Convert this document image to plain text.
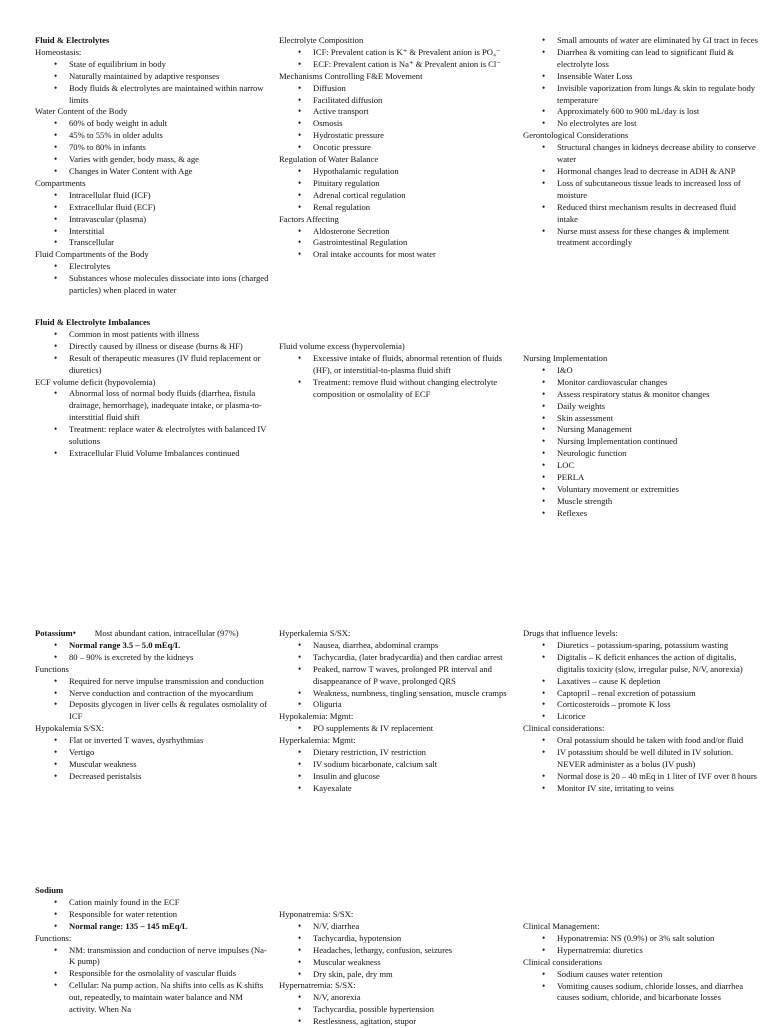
Fluid & Electrolytes
Homeostasis:
• State of equilibrium in body
• Naturally maintained by adaptive responses
• Body fluids & electrolytes are maintained within narrow limits
Water Content of the Body
• 60% of body weight in adult
• 45% to 55% in older adults
• 70% to 80% in infants
• Varies with gender, body mass, & age
• Changes in Water Content with Age
Compartments
• Intracellular fluid (ICF)
• Extracellular fluid (ECF)
• Intravascular (plasma)
• Interstitial
• Transcellular
Fluid Compartments of the Body
• Electrolytes
• Substances whose molecules dissociate into ions (charged particles) when placed in water
Electrolyte Composition
• ICF: Prevalent cation is K⁺ & Prevalent anion is PO₄⁻
• ECF: Prevalent cation is Na⁺ & Prevalent anion is Cl⁻
Mechanisms Controlling F&E Movement
• Diffusion
• Facilitated diffusion
• Active transport
• Osmosis
• Hydrostatic pressure
• Oncotic pressure
Regulation of Water Balance
• Hypothalamic regulation
• Pituitary regulation
• Adrenal cortical regulation
• Renal regulation
Factors Affecting
• Aldosterone Secretion
• Gastrointestinal Regulation
• Oral intake accounts for most water
• Small amounts of water are eliminated by GI tract in feces
• Diarrhea & vomiting can lead to significant fluid & electrolyte loss
• Insensible Water Loss
• Invisible vaporization from lungs & skin to regulate body temperature
• Approximately 600 to 900 mL/day is lost
• No electrolytes are lost
Gerontological Considerations
• Structural changes in kidneys decrease ability to conserve water
• Hormonal changes lead to decrease in ADH & ANP
• Loss of subcutaneous tissue leads to increased loss of moisture
• Reduced thirst mechanism results in decreased fluid intake
• Nurse must assess for these changes & implement treatment accordingly
Fluid & Electrolyte Imbalances
• Common in most patients with illness
• Directly caused by illness or disease (burns & HF)
• Result of therapeutic measures (IV fluid replacement or diuretics)
ECF volume deficit (hypovolemia)
• Abnormal loss of normal body fluids (diarrhea, fistula drainage, hemorrhage), inadequate intake, or plasma-to-interstitial fluid shift
• Treatment: replace water & electrolytes with balanced IV solutions
• Extracellular Fluid Volume Imbalances continued
Fluid volume excess (hypervolemia)
• Excessive intake of fluids, abnormal retention of fluids (HF), or interstitial-to-plasma fluid shift
• Treatment: remove fluid without changing electrolyte composition or osmolality of ECF
Nursing Implementation
• I&O
• Monitor cardiovascular changes
• Assess respiratory status & monitor changes
• Daily weights
• Skin assessment
• Nursing Management
• Nursing Implementation continued
• Neurologic function
• LOC
• PERLA
• Voluntary movement or extremities
• Muscle strength
• Reflexes
Potassium•	Most abundant cation, intracellular (97%)
• Normal range 3.5 – 5.0 mEq/L
• 80 – 90% is excreted by the kidneys
Functions
• Required for nerve impulse transmission and conduction
• Nerve conduction and contraction of the myocardium
• Deposits glycogen in liver cells & regulates osmolality of ICF
Hypokalemia S/SX:
• Flat or inverted T waves, dysrhythmias
• Vertigo
• Muscular weakness
• Decreased peristalsis
Hyperkalemia S/SX:
• Nausea, diarrhea, abdominal cramps
• Tachycardia, (later bradycardia) and then cardiac arrest
• Peaked, narrow T waves, prolonged PR interval and disappearance of P wave, prolonged QRS
• Weakness, numbness, tingling sensation, muscle cramps
• Oliguria
Hypokalemia: Mgmt:
• PO supplements & IV replacement
Hyperkalemia: Mgmt:
• Dietary restriction, IV restriction
• IV sodium bicarbonate, calcium salt
• Insulin and glucose
• Kayexalate
Drugs that influence levels:
• Diuretics – potassium-sparing, potassium wasting
• Digitalis – K deficit enhances the action of digitalis, digitalis toxicity (slow, irregular pulse, N/V, anorexia)
• Laxatives – cause K depletion
• Captopril – renal excretion of potassium
• Corticosteroids – promote K loss
• Licorice
Clinical considerations:
• Oral potassium should be taken with food and/or fluid
• IV potassium should be well diluted in IV solution. NEVER administer as a bolus (IV push)
• Normal dose is 20 – 40 mEq in 1 liter of IVF over 8 hours
• Monitor IV site, irritating to veins
Sodium
• Cation mainly found in the ECF
• Responsible for water retention
• Normal range: 135 – 145 mEq/L
Functions:
• NM: transmission and conduction of nerve impulses (Na-K pump)
• Responsible for the osmolality of vascular fluids
• Cellular: Na pump action. Na shifts into cells as K shifts out, repeatedly, to maintain water balance and NM activity. When Na
Hyponatremia: S/SX:
• N/V, diarrhea
• Tachycardia, hypotension
• Headaches, lethargy, confusion, seizures
• Muscular weakness
• Dry skin, pale, dry mm
Hypernatremia: S/SX:
• N/V, anorexia
• Tachycardia, possible hypertension
• Restlessness, agitation, stupor
Clinical Management:
• Hyponatremia: NS (0.9%) or 3% salt solution
• Hypernatremia: diuretics
Clinical considerations
• Sodium causes water retention
• Vomiting causes sodium, chloride losses, and diarrhea causes sodium, chloride, and bicarbonate losses
